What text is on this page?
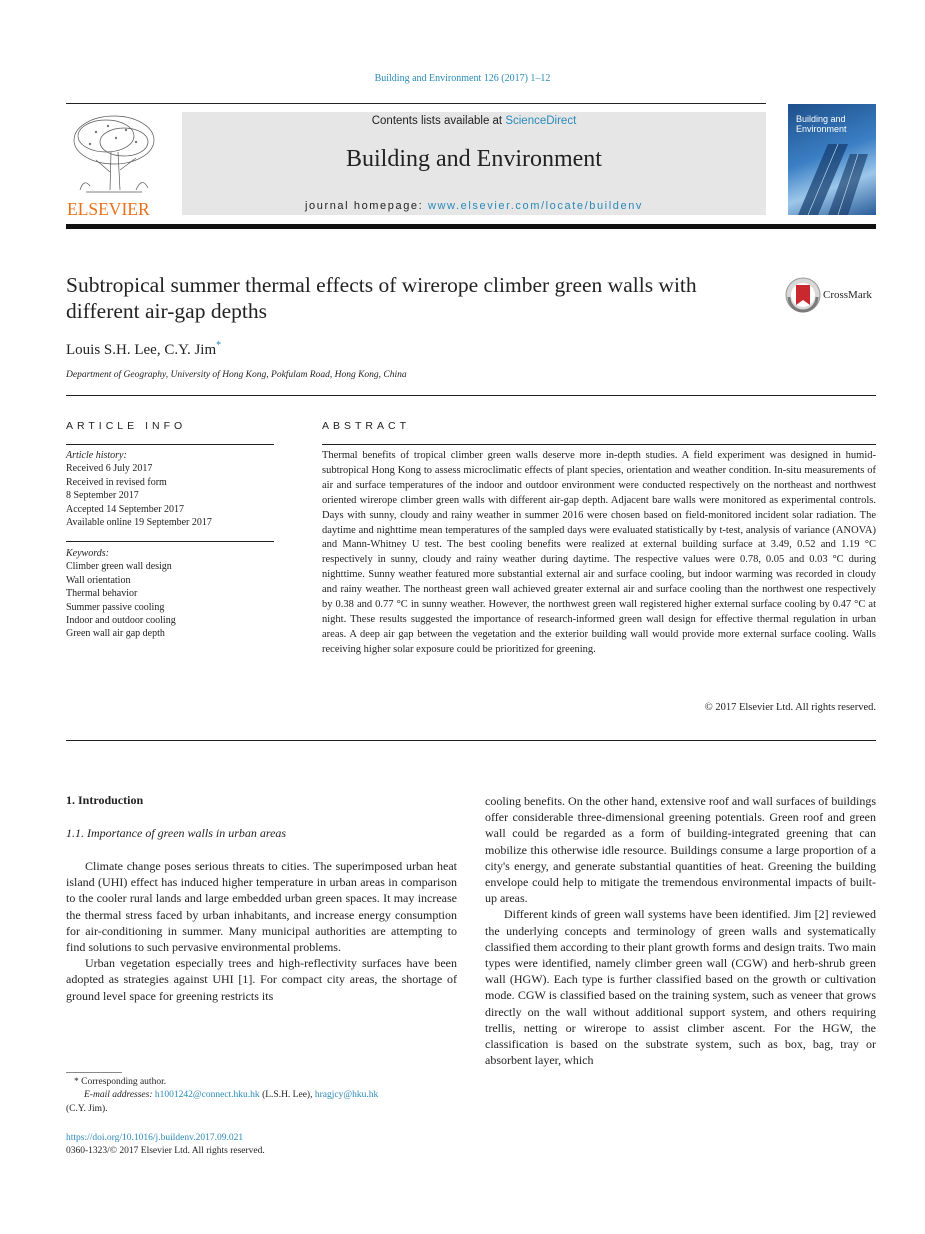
Building and Environment 126 (2017) 1–12
ELSEVIER
Contents lists available at ScienceDirect
Building and Environment
journal homepage: www.elsevier.com/locate/buildenv
Building and Environment
Subtropical summer thermal effects of wirerope climber green walls with different air-gap depths
CrossMark
Louis S.H. Lee, C.Y. Jim*
Department of Geography, University of Hong Kong, Pokfulam Road, Hong Kong, China
ARTICLE INFO
Article history:
Received 6 July 2017
Received in revised form
8 September 2017
Accepted 14 September 2017
Available online 19 September 2017
Keywords:
Climber green wall design
Wall orientation
Thermal behavior
Summer passive cooling
Indoor and outdoor cooling
Green wall air gap depth
ABSTRACT
Thermal benefits of tropical climber green walls deserve more in-depth studies. A field experiment was designed in humid-subtropical Hong Kong to assess microclimatic effects of plant species, orientation and weather condition. In-situ measurements of air and surface temperatures of the indoor and outdoor environment were conducted respectively on the northeast and northwest oriented wirerope climber green walls with different air-gap depth. Adjacent bare walls were monitored as experimental controls. Days with sunny, cloudy and rainy weather in summer 2016 were chosen based on field-monitored incident solar radiation. The daytime and nighttime mean temperatures of the sampled days were evaluated statistically by t-test, analysis of variance (ANOVA) and Mann-Whitney U test. The best cooling benefits were realized at external building surface at 3.49, 0.52 and 1.19 °C respectively in sunny, cloudy and rainy weather during daytime. The respective values were 0.78, 0.05 and 0.03 °C during nighttime. Sunny weather featured more substantial external air and surface cooling, but indoor warming was recorded in cloudy and rainy weather. The northeast green wall achieved greater external air and surface cooling than the northwest one respectively by 0.38 and 0.77 °C in sunny weather. However, the northwest green wall registered higher external surface cooling by 0.47 °C at night. These results suggested the importance of research-informed green wall design for effective thermal regulation in urban areas. A deep air gap between the vegetation and the exterior building wall would provide more external surface cooling. Walls receiving higher solar exposure could be prioritized for greening.
© 2017 Elsevier Ltd. All rights reserved.
1. Introduction
1.1. Importance of green walls in urban areas

Climate change poses serious threats to cities. The superimposed urban heat island (UHI) effect has induced higher temperature in urban areas in comparison to the cooler rural lands and large embedded urban green spaces. It may increase the thermal stress faced by urban inhabitants, and increase energy consumption for air-conditioning in summer. Many municipal authorities are attempting to find solutions to such pervasive environmental problems.

Urban vegetation especially trees and high-reflectivity surfaces have been adopted as strategies against UHI [1]. For compact city areas, the shortage of ground level space for greening restricts its

cooling benefits. On the other hand, extensive roof and wall surfaces of buildings offer considerable three-dimensional greening potentials. Green roof and green wall could be regarded as a form of building-integrated greening that can mobilize this otherwise idle resource. Buildings consume a large proportion of a city's energy, and generate substantial quantities of heat. Greening the building envelope could help to mitigate the tremendous environmental impacts of built-up areas.

Different kinds of green wall systems have been identified. Jim [2] reviewed the underlying concepts and terminology of green walls and systematically classified them according to their plant growth forms and design traits. Two main types were identified, namely climber green wall (CGW) and herb-shrub green wall (HGW). Each type is further classified based on the growth or cultivation mode. CGW is classified based on the training system, such as veneer that grows directly on the wall without additional support system, and others requiring trellis, netting or wirerope to assist climber ascent. For the HGW, the classification is based on the substrate system, such as box, bag, tray or absorbent layer, which

* Corresponding author.
E-mail addresses: h1001242@connect.hku.hk (L.S.H. Lee), hragjcy@hku.hk
(C.Y. Jim).
https://doi.org/10.1016/j.buildenv.2017.09.021
0360-1323/© 2017 Elsevier Ltd. All rights reserved.
